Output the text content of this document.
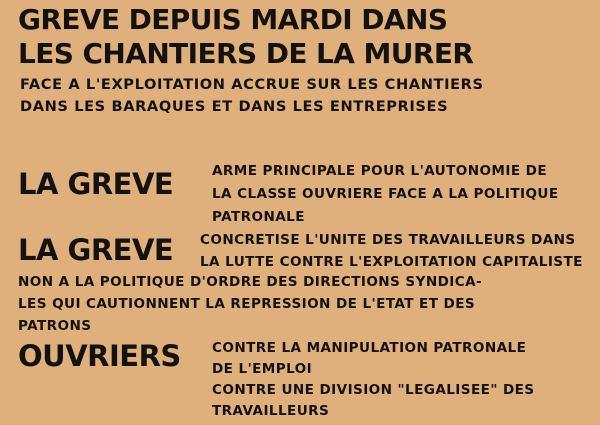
GREVE DEPUIS MARDI DANS
LES CHANTIERS DE LA MURER
FACE A L'EXPLOITATION ACCRUE SUR LES CHANTIERS
DANS LES BARAQUES ET DANS LES ENTREPRISES
LA GREVE	ARME PRINCIPALE POUR L'AUTONOMIE DE
LA CLASSE OUVRIERE FACE A LA POLITIQUE
PATRONALE
LA GREVE CONCRETISE L'UNITE DES TRAVAILLEURS DANS
LA LUTTE CONTRE L'EXPLOITATION CAPITALISTE
NON A LA POLITIQUE D'ORDRE DES DIRECTIONS SYNDICA-
LES QUI CAUTIONNENT LA REPRESSION DE L'ETAT ET DES
PATRONS
OUVRIERS CONTRE LA MANIPULATION PATRONALE
DE L'EMPLOI
CONTRE UNE DIVISION "LEGALISEE" DES
TRAVAILLEURS
